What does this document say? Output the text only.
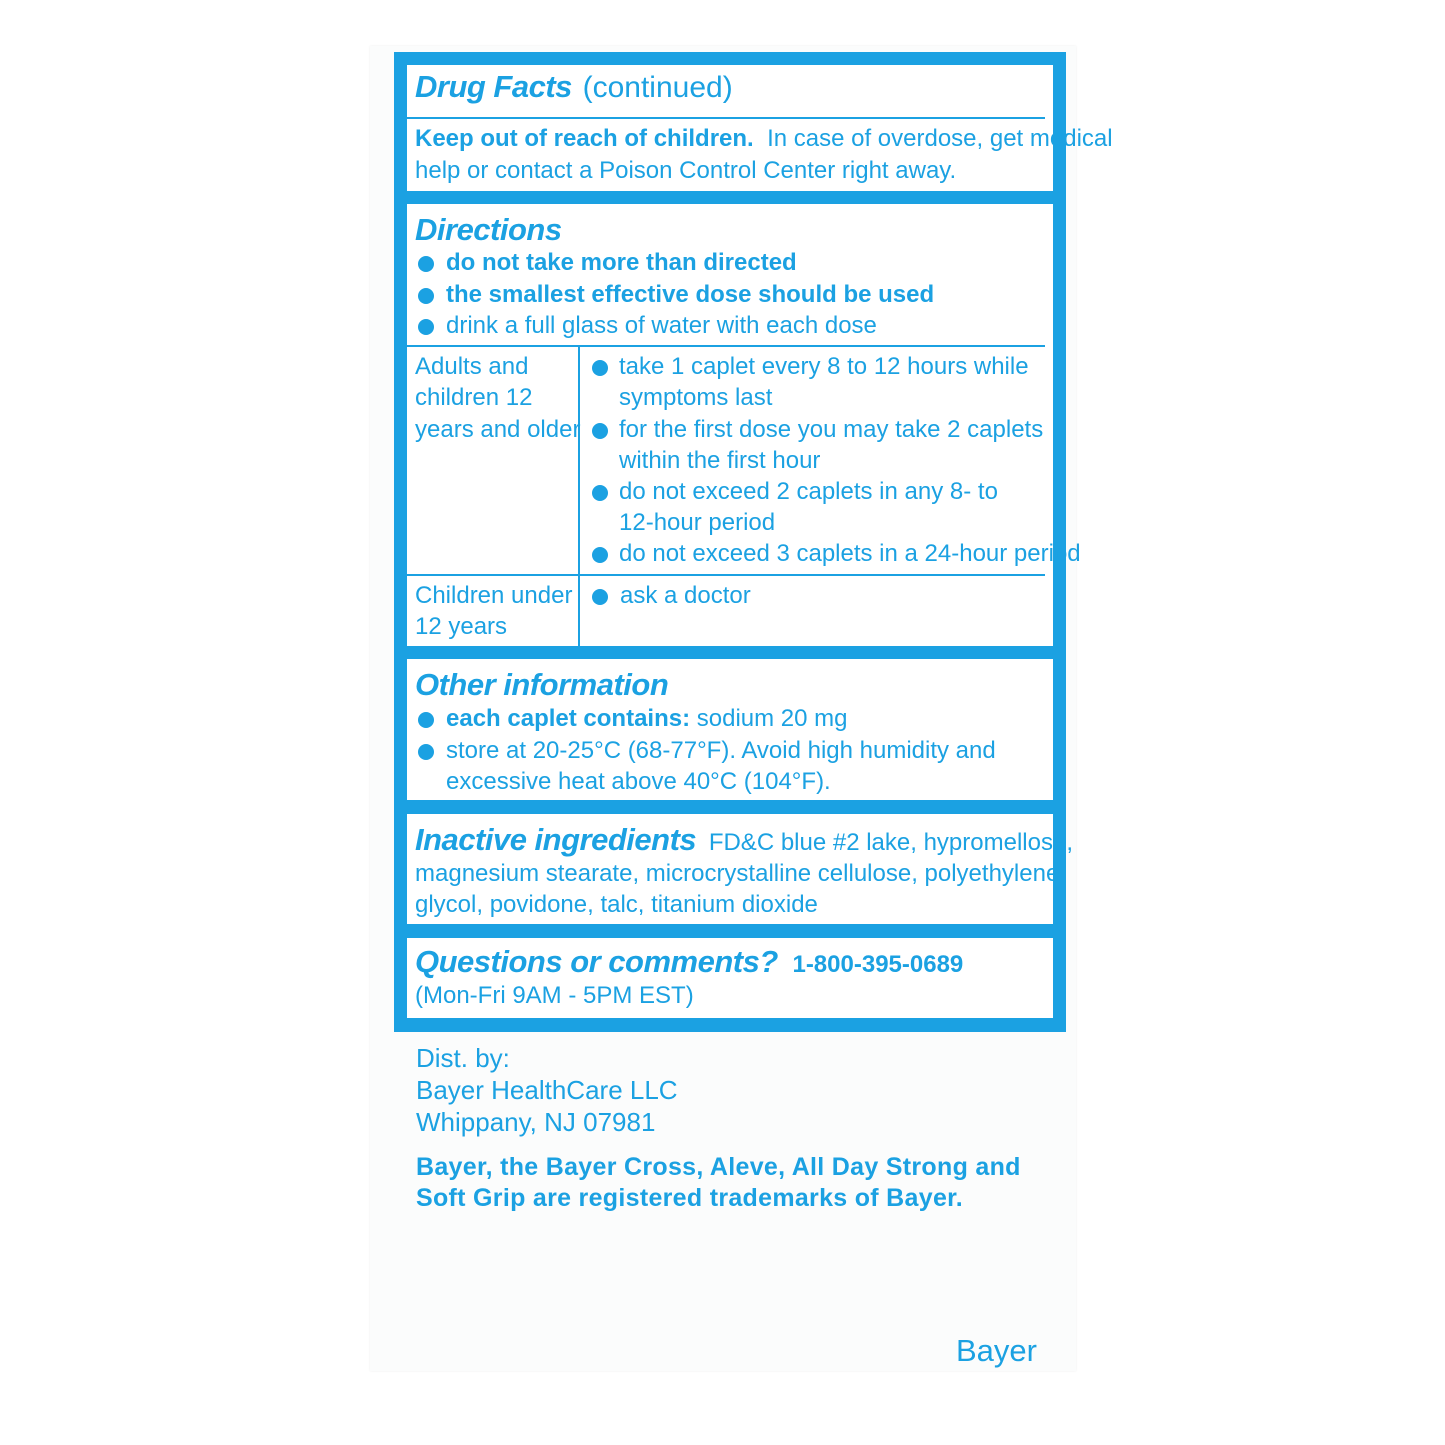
Drug Facts (continued)
Keep out of reach of children. In case of overdose, get medical
help or contact a Poison Control Center right away.
Directions
do not take more than directed
the smallest effective dose should be used
drink a full glass of water with each dose
Adults and
children 12
years and older
take 1 caplet every 8 to 12 hours while
symptoms last
for the first dose you may take 2 caplets
within the first hour
do not exceed 2 caplets in any 8- to
12-hour period
do not exceed 3 caplets in a 24-hour period
Children under
12 years
ask a doctor
Other information
each caplet contains: sodium 20 mg
store at 20-25°C (68-77°F). Avoid high humidity and
excessive heat above 40°C (104°F).
Inactive ingredients FD&C blue #2 lake, hypromellose,
magnesium stearate, microcrystalline cellulose, polyethylene
glycol, povidone, talc, titanium dioxide
Questions or comments? 1-800-395-0689
(Mon-Fri 9AM - 5PM EST)
Dist. by:
Bayer HealthCare LLC
Whippany, NJ 07981
Bayer, the Bayer Cross, Aleve, All Day Strong and
Soft Grip are registered trademarks of Bayer.
Bayer
